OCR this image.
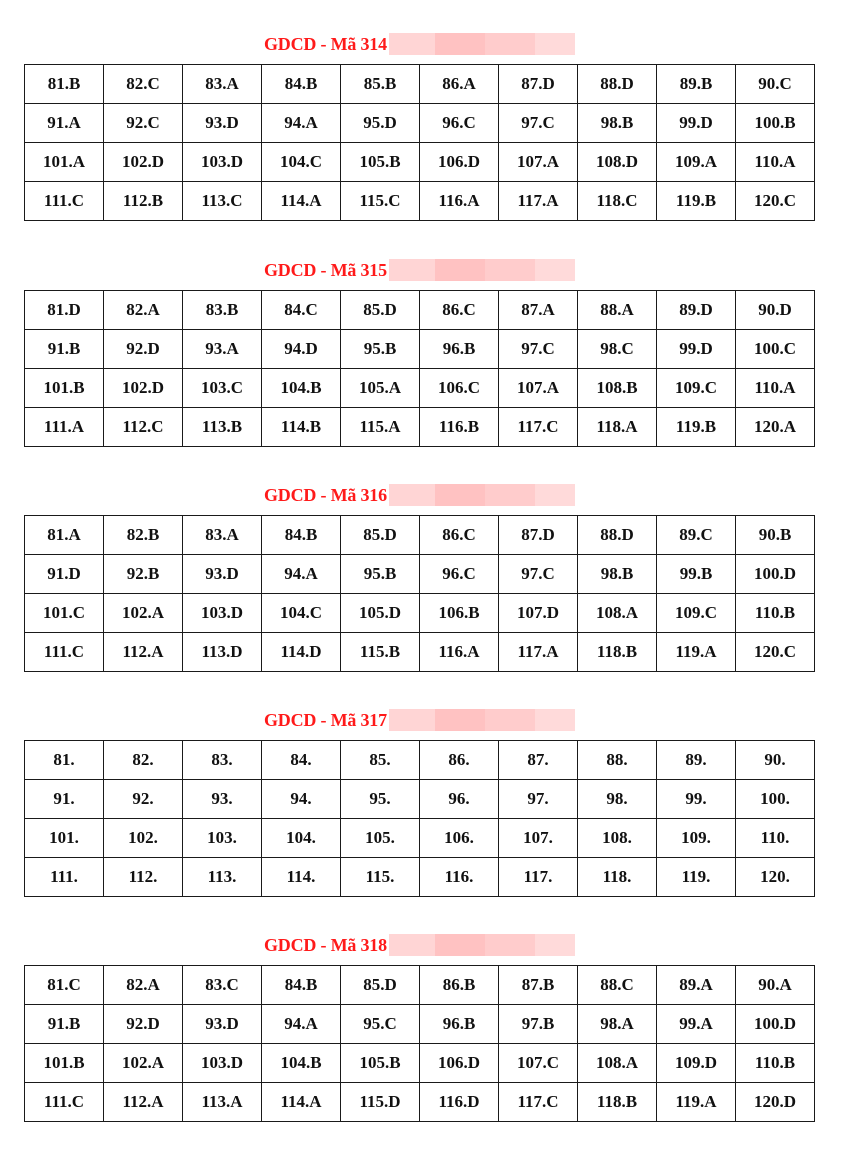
GDCD - Mã 314
81.B	82.C	83.A	84.B	85.B	86.A	87.D	88.D	89.B	90.C
91.A	92.C	93.D	94.A	95.D	96.C	97.C	98.B	99.D	100.B
101.A	102.D	103.D	104.C	105.B	106.D	107.A	108.D	109.A	110.A
111.C	112.B	113.C	114.A	115.C	116.A	117.A	118.C	119.B	120.C
GDCD - Mã 315
81.D	82.A	83.B	84.C	85.D	86.C	87.A	88.A	89.D	90.D
91.B	92.D	93.A	94.D	95.B	96.B	97.C	98.C	99.D	100.C
101.B	102.D	103.C	104.B	105.A	106.C	107.A	108.B	109.C	110.A
111.A	112.C	113.B	114.B	115.A	116.B	117.C	118.A	119.B	120.A
GDCD - Mã 316
81.A	82.B	83.A	84.B	85.D	86.C	87.D	88.D	89.C	90.B
91.D	92.B	93.D	94.A	95.B	96.C	97.C	98.B	99.B	100.D
101.C	102.A	103.D	104.C	105.D	106.B	107.D	108.A	109.C	110.B
111.C	112.A	113.D	114.D	115.B	116.A	117.A	118.B	119.A	120.C
GDCD - Mã 317
81.	82.	83.	84.	85.	86.	87.	88.	89.	90.
91.	92.	93.	94.	95.	96.	97.	98.	99.	100.
101.	102.	103.	104.	105.	106.	107.	108.	109.	110.
111.	112.	113.	114.	115.	116.	117.	118.	119.	120.
GDCD - Mã 318
81.C	82.A	83.C	84.B	85.D	86.B	87.B	88.C	89.A	90.A
91.B	92.D	93.D	94.A	95.C	96.B	97.B	98.A	99.A	100.D
101.B	102.A	103.D	104.B	105.B	106.D	107.C	108.A	109.D	110.B
111.C	112.A	113.A	114.A	115.D	116.D	117.C	118.B	119.A	120.D
